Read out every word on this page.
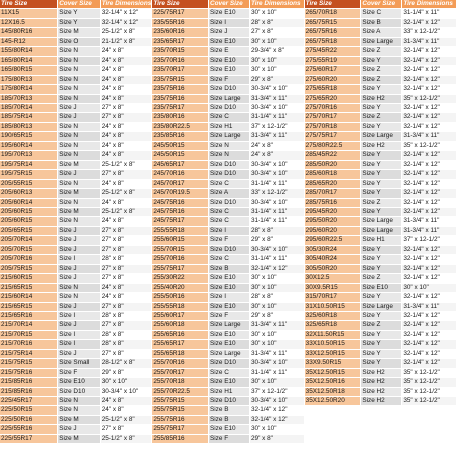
Tire Size	Cover Size	Tire Dimensions
11X15	Size Y	32-1/4" x 12"
12X16.5	Size Y	32-1/4" x 12"
145/80R16	Size M	25-1/2" x 8"
145-R12	Size O	21-1/2" x 8"
155/80R14	Size N	24" x 8"
165/80R14	Size N	24" x 8"
165/80R15	Size N	24" x 8"
175/80R13	Size N	24" x 8"
175/80R14	Size N	24" x 8"
185/70R13	Size N	24" x 8"
185/70R14	Size J	27" x 8"
185/75R14	Size J	27" x 8"
185/80R13	Size N	24" x 8"
190/65R15	Size N	24" x 8"
195/60R14	Size N	24" x 8"
195/70R13	Size N	24" x 8"
195/75R14	Size M	25-1/2" x 8"
195/75R15	Size J	27" x 8"
205/55R15	Size N	24" x 8"
205/60R13	Size M	25-1/2" x 8"
205/60R14	Size N	24" x 8"
205/60R15	Size M	25-1/2" x 8"
205/60R15	Size N	24" x 8"
205/65R15	Size J	27" x 8"
205/70R14	Size J	27" x 8"
205/70R15	Size J	27" x 8"
205/70R16	Size I	28" x 8"
205/75R15	Size J	27" x 8"
215/60R15	Size J	27" x 8"
215/65R15	Size N	24" x 8"
215/60R14	Size N	24" x 8"
215/65R15	Size J	27" x 8"
215/65R16	Size I	28" x 8"
215/70R14	Size J	27" x 8"
215/70R15	Size I	28" x 8"
215/70R16	Size I	28" x 8"
215/75R14	Size J	27" x 8"
215/75R15	Size Small	28-1/2" x 8"
215/75R16	Size F	29" x 8"
215/85R16	Size E10	30" x 10"
215/85R16	Size D10	30-3/4" x 10"
225/45R17	Size N	24" x 8"
225/50R15	Size N	24" x 8"
225/50R16	Size M	25-1/2" x 8"
225/55R16	Size J	27" x 8"
225/55R17	Size M	25-1/2" x 8"
Tire Size	Cover Size	Tire Dimensions
225/75R17	Size E10	30" x 10"
235/55R16	Size I	28" x 8"
235/60R16	Size J	27" x 8"
235/65R17	Size E10	30" x 10"
235/70R15	Size E	29-3/4" x 8"
235/70R16	Size E10	30" x 10"
235/70R17	Size E10	30" x 10"
235/75R15	Size F	29" x 8"
235/75R16	Size D10	30-3/4" x 10"
235/75R16	Size Large	31-3/4" x 11"
235/75R17	Size D10	30-3/4" x 10"
235/80R16	Size C	31-1/4" x 11"
235/80R22.5	Size H1	37" x 12-1/2"
235/85R16	Size Large	31-3/4" x 11"
245/50R15	Size N	24" x 8"
245/50R15	Size N	24" x 8"
245/65R17	Size D10	30-3/4" x 10"
245/70R16	Size D10	30-3/4" x 10"
245/70R17	Size C	31-1/4" x 11"
245/70R19.5	Size A	33" x 12-1/2"
245/75R16	Size D10	30-3/4" x 10"
245/75R16	Size C	31-1/4" x 11"
245/75R17	Size C	31-1/4" x 11"
255/55R18	Size I	28" x 8"
255/60R15	Size F	29" x 8"
255/70R15	Size D10	30-3/4" x 10"
255/70R16	Size C	31-1/4" x 11"
255/75R17	Size B	32-1/4" x 12"
255/30R22	Size E10	30" x 10"
255/40R20	Size E10	30" x 10"
255/50R16	Size I	28" x 8"
255/55R18	Size E10	30" x 10"
255/60R17	Size F	29" x 8"
255/60R18	Size Large	31-3/4" x 11"
255/65R16	Size E10	30" x 10"
255/65R17	Size E10	30" x 10"
255/65R18	Size Large	31-3/4" x 11"
255/70R16	Size D10	30-3/4" x 10"
255/70R17	Size C	31-1/4" x 11"
255/70R18	Size E10	30" x 10"
255/70R22.5	Size H1	37" x 12-1/2"
255/75R15	Size D10	30-3/4" x 10"
255/75R15	Size B	32-1/4" x 12"
255/75R16	Size B	32-1/4" x 12"
255/75R17	Size E10	30" x 10"
255/85R16	Size F	29" x 8"
Tire Size	Cover Size	Tire Dimensions
265/70R18	Size C	31-1/4" x 11"
265/75R15	Size B	32-1/4" x 12"
265/75R16	Size A	33" x 12-1/2"
265/75R18	Size Large	31-3/4" x 11"
275/45R22	Size Z	32-1/4" x 12"
275/55R19	Size Y	32-1/4" x 12"
275/60R17	Size Z	32-1/4" x 12"
275/60R20	Size Z	32-1/4" x 12"
275/65R18	Size Y	32-1/4" x 12"
275/65R20	Size H2	35" x 12-1/2"
275/70R16	Size Y	32-1/4" x 12"
275/70R17	Size Z	32-1/4" x 12"
275/70R18	Size Y	32-1/4" x 12"
275/75R17	Size Large	31-3/4" x 11"
275/80R22.5	Size H2	35" x 12-1/2"
285/45R22	Size Y	32-1/4" x 12"
285/50R20	Size Y	32-1/4" x 12"
285/60R18	Size Y	32-1/4" x 12"
285/65R20	Size Y	32-1/4" x 12"
285/70R17	Size Y	32-1/4" x 12"
285/75R16	Size Z	32-1/4" x 12"
295/45R20	Size Y	32-1/4" x 12"
295/50R20	Size Large	31-3/4" x 11"
295/60R20	Size Large	31-3/4" x 11"
295/60R22.5	Size H1	37" x 12-1/2"
305/30R24	Size Y	32-1/4" x 12"
305/40R24	Size Y	32-1/4" x 12"
305/50R20	Size Y	32-1/4" x 12"
30X12.5	Size Z	32-1/4" x 12"
30X9.5R15	Size E10	30" x 10"
315/70R17	Size Y	32-1/4" x 12"
31X10.50R15	Size Large	31-3/4" x 11"
325/60R18	Size Y	32-1/4" x 12"
325/65R18	Size Z	32-1/4" x 12"
32X11.50R15	Size Y	32-1/4" x 12"
33X10.50R15	Size Y	32-1/4" x 12"
33X12.50R15	Size Y	32-1/4" x 12"
33X9.50R15	Size Y	32-1/4" x 12"
35X12.50R15	Size H2	35" x 12-1/2"
35X12.50R16	Size H2	35" x 12-1/2"
35X12.50R18	Size H2	35" x 12-1/2"
35X12.50R20	Size H2	35" x 12-1/2"
